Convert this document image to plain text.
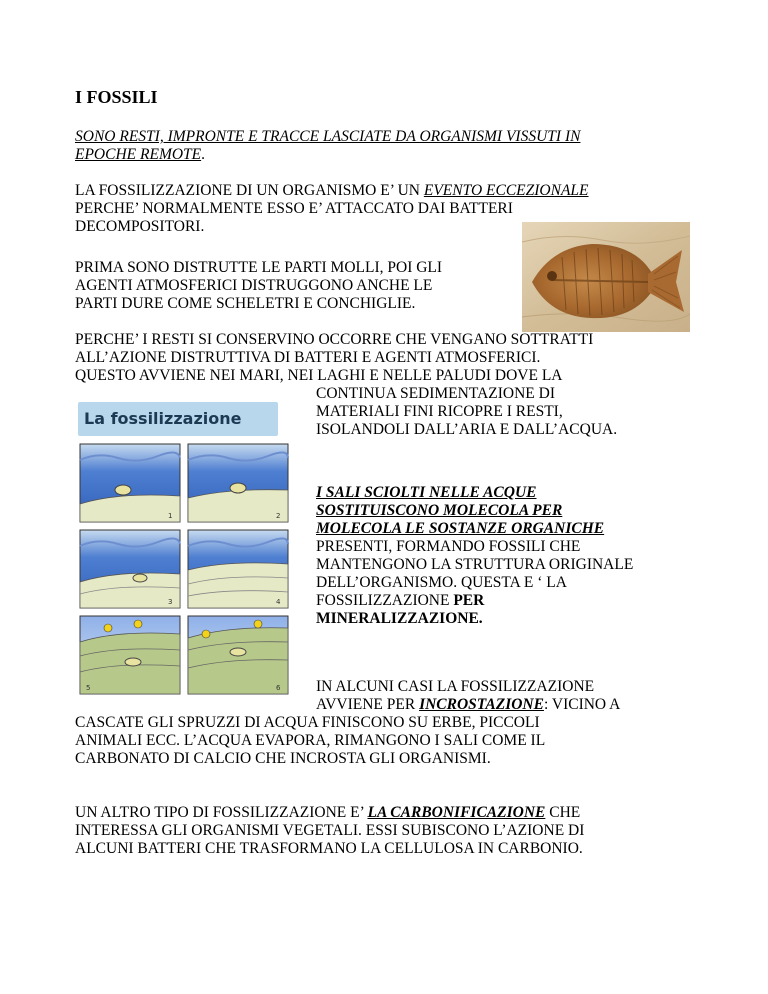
I FOSSILI
SONO RESTI, IMPRONTE E TRACCE LASCIATE DA ORGANISMI VISSUTI IN
EPOCHE REMOTE.
LA FOSSILIZZAZIONE DI UN ORGANISMO E’ UN EVENTO ECCEZIONALE
PERCHE’ NORMALMENTE ESSO E’ ATTACCATO DAI BATTERI
DECOMPOSITORI.
PRIMA SONO DISTRUTTE LE PARTI MOLLI, POI GLI
AGENTI ATMOSFERICI DISTRUGGONO ANCHE LE
PARTI DURE COME SCHELETRI E CONCHIGLIE.
PERCHE’ I RESTI SI CONSERVINO OCCORRE CHE VENGANO SOTTRATTI
ALL’AZIONE DISTRUTTIVA DI BATTERI E AGENTI ATMOSFERICI.
QUESTO AVVIENE NEI MARI, NEI LAGHI E NELLE PALUDI DOVE LA
CONTINUA SEDIMENTAZIONE DI
MATERIALI FINI RICOPRE I RESTI,
ISOLANDOLI DALL’ARIA E DALL’ACQUA.
La fossilizzazione
1	2
3	4
5	6
I SALI SCIOLTI NELLE ACQUE
SOSTITUISCONO MOLECOLA PER
MOLECOLA LE SOSTANZE ORGANICHE
PRESENTI, FORMANDO FOSSILI CHE
MANTENGONO LA STRUTTURA ORIGINALE
DELL’ORGANISMO. QUESTA E ‘ LA
FOSSILIZZAZIONE PER
MINERALIZZAZIONE.
IN ALCUNI CASI LA FOSSILIZZAZIONE
AVVIENE PER INCROSTAZIONE: VICINO A
CASCATE GLI SPRUZZI DI ACQUA FINISCONO SU ERBE, PICCOLI
ANIMALI ECC. L’ACQUA EVAPORA, RIMANGONO I SALI COME IL
CARBONATO DI CALCIO CHE INCROSTA GLI ORGANISMI.
UN ALTRO TIPO DI FOSSILIZZAZIONE E’ LA CARBONIFICAZIONE CHE
INTERESSA GLI ORGANISMI VEGETALI. ESSI SUBISCONO L’AZIONE DI
ALCUNI BATTERI CHE TRASFORMANO LA CELLULOSA IN CARBONIO.
